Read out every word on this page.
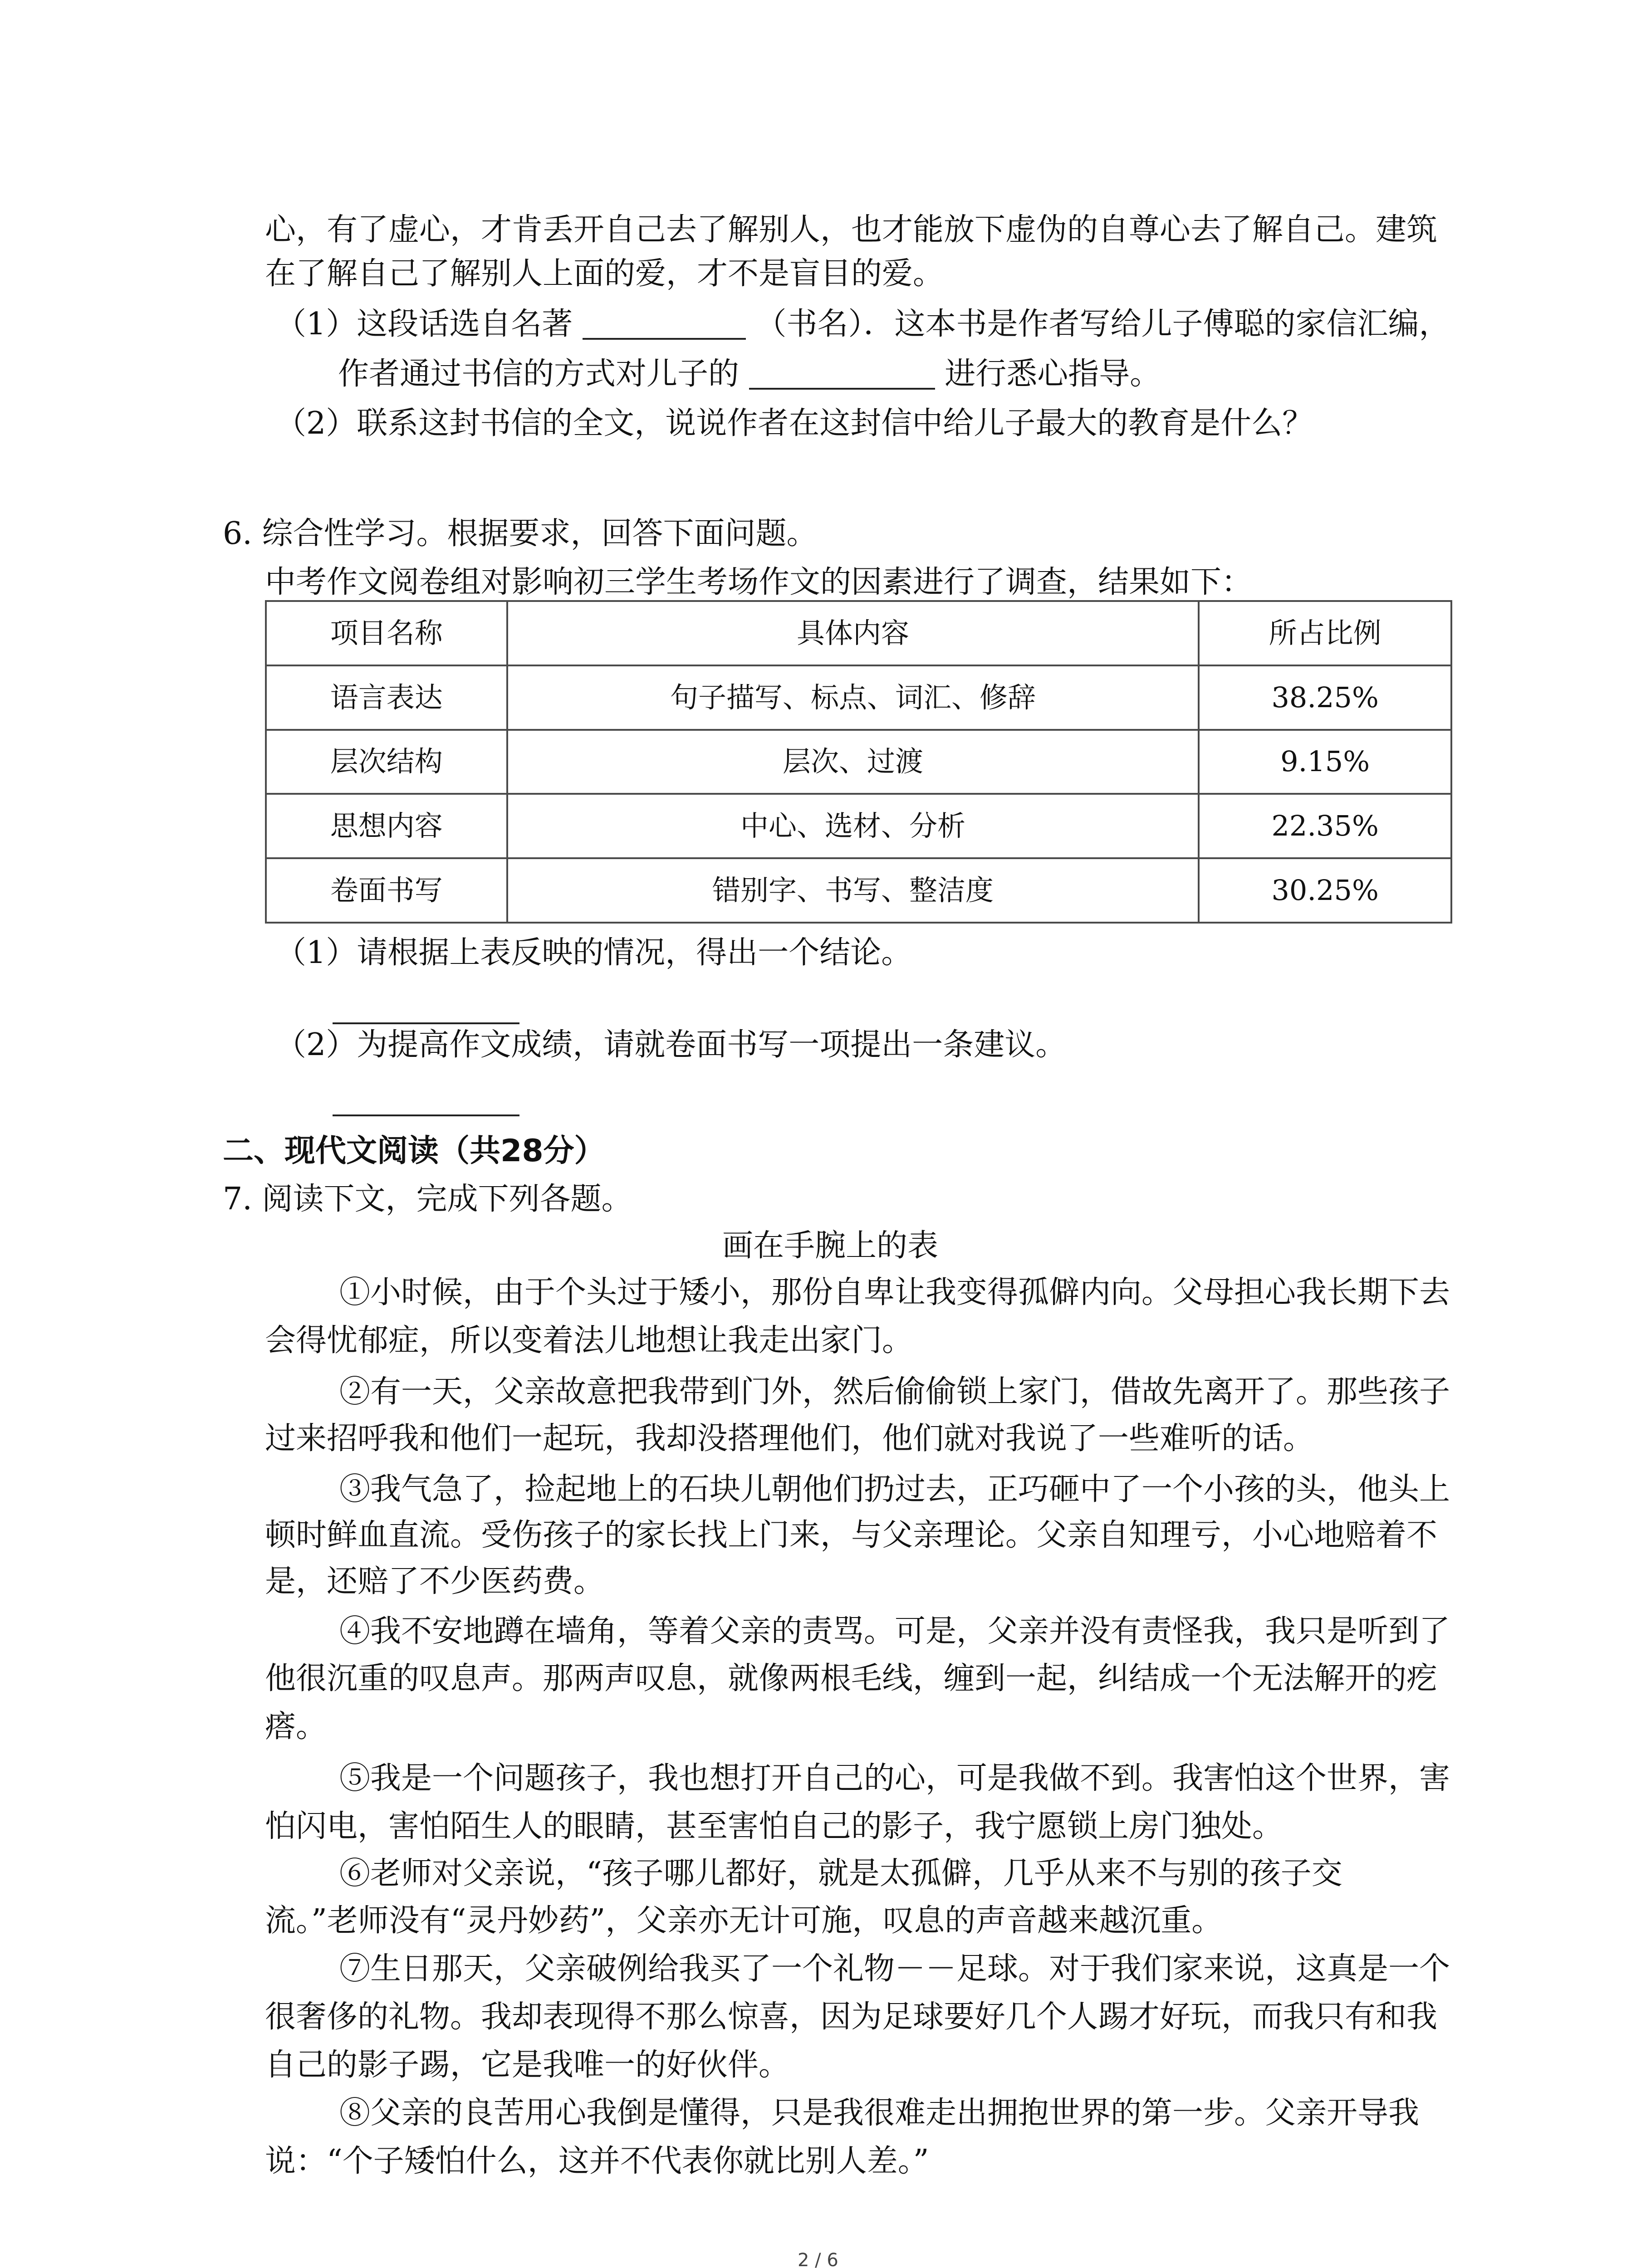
心，有了虚心，才肯丢开自己去了解别人，也才能放下虚伪的自尊心去了解自己。建筑
在了解自己了解别人上面的爱，才不是盲目的爱。
（1）这段话选自名著	（书名）．这本书是作者写给儿子傅聪的家信汇编，
作者通过书信的方式对儿子的	进行悉心指导。
（2）联系这封书信的全文，说说作者在这封信中给儿子最大的教育是什么？
6. 综合性学习。根据要求，回答下面问题。
中考作文阅卷组对影响初三学生考场作文的因素进行了调查，结果如下：
项目名称	具体内容	所占比例
语言表达	句子描写、标点、词汇、修辞	38.25%
层次结构	层次、过渡	9.15%
思想内容	中心、选材、分析	22.35%
卷面书写	错别字、书写、整洁度	30.25%
（1）请根据上表反映的情况，得出一个结论。
（2）为提高作文成绩，请就卷面书写一项提出一条建议。
二、现代文阅读（共28分）
7. 阅读下文，完成下列各题。
画在手腕上的表
①小时候，由于个头过于矮小，那份自卑让我变得孤僻内向。父母担心我长期下去
会得忧郁症，所以变着法儿地想让我走出家门。
②有一天，父亲故意把我带到门外，然后偷偷锁上家门，借故先离开了。那些孩子
过来招呼我和他们一起玩，我却没搭理他们，他们就对我说了一些难听的话。
③我气急了，捡起地上的石块儿朝他们扔过去，正巧砸中了一个小孩的头，他头上
顿时鲜血直流。受伤孩子的家长找上门来，与父亲理论。父亲自知理亏，小心地赔着不
是，还赔了不少医药费。
④我不安地蹲在墙角，等着父亲的责骂。可是，父亲并没有责怪我，我只是听到了
他很沉重的叹息声。那两声叹息，就像两根毛线，缠到一起，纠结成一个无法解开的疙
瘩。
⑤我是一个问题孩子，我也想打开自己的心，可是我做不到。我害怕这个世界，害
怕闪电，害怕陌生人的眼睛，甚至害怕自己的影子，我宁愿锁上房门独处。
⑥老师对父亲说，“孩子哪儿都好，就是太孤僻，几乎从来不与别的孩子交
流。”老师没有“灵丹妙药”，父亲亦无计可施，叹息的声音越来越沉重。
⑦生日那天，父亲破例给我买了一个礼物－－足球。对于我们家来说，这真是一个
很奢侈的礼物。我却表现得不那么惊喜，因为足球要好几个人踢才好玩，而我只有和我
自己的影子踢，它是我唯一的好伙伴。
⑧父亲的良苦用心我倒是懂得，只是我很难走出拥抱世界的第一步。父亲开导我
说：“个子矮怕什么，这并不代表你就比别人差。”
2 / 6
